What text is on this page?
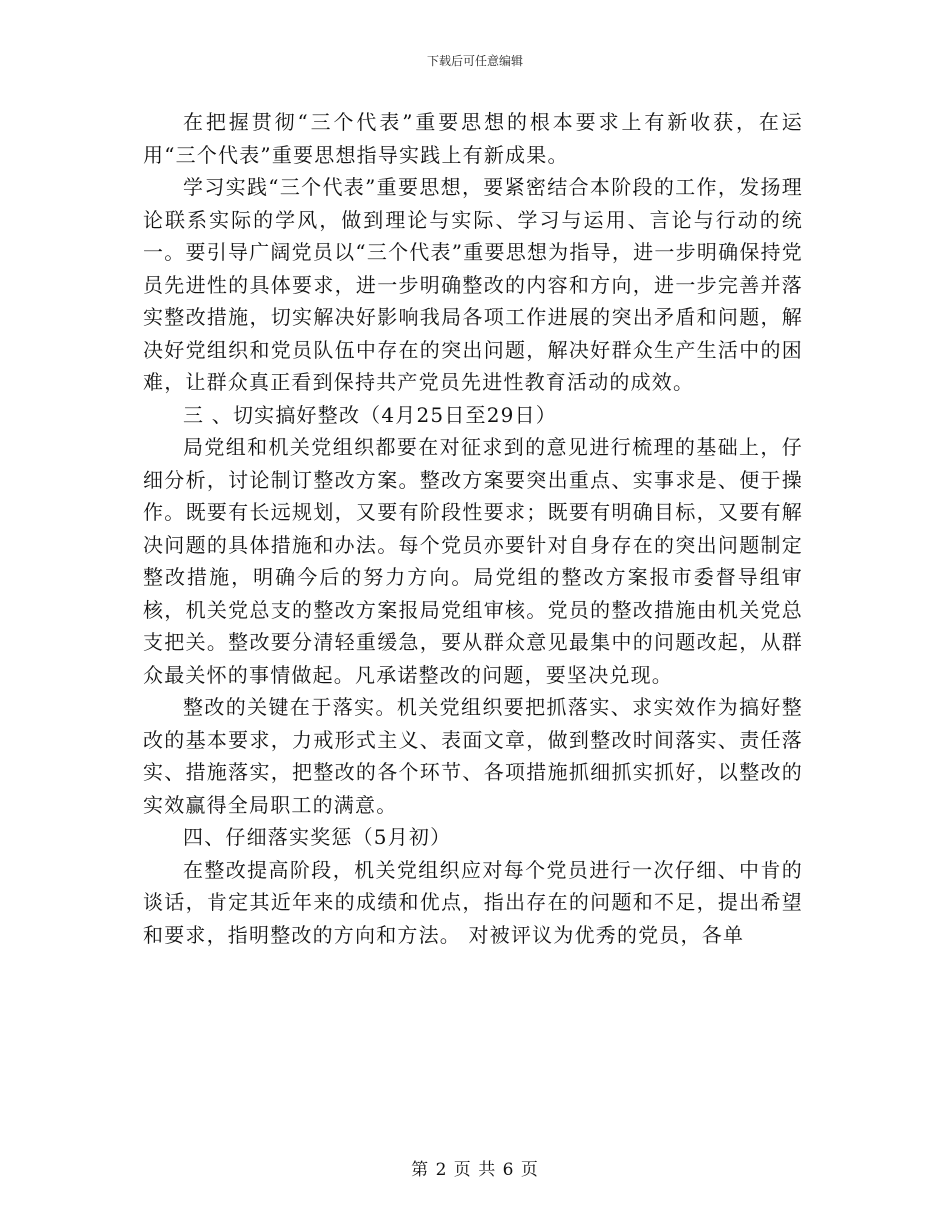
下载后可任意编辑

在把握贯彻“三个代表”重要思想的根本要求上有新收获，在运用“三个代表”重要思想指导实践上有新成果。

学习实践“三个代表”重要思想，要紧密结合本阶段的工作，发扬理论联系实际的学风，做到理论与实际、学习与运用、言论与行动的统一。要引导广阔党员以“三个代表”重要思想为指导，进一步明确保持党员先进性的具体要求，进一步明确整改的内容和方向，进一步完善并落实整改措施，切实解决好影响我局各项工作进展的突出矛盾和问题，解决好党组织和党员队伍中存在的突出问题，解决好群众生产生活中的困难，让群众真正看到保持共产党员先进性教育活动的成效。

三 、切实搞好整改（4月25日至29日）

局党组和机关党组织都要在对征求到的意见进行梳理的基础上，仔细分析，讨论制订整改方案。整改方案要突出重点、实事求是、便于操作。既要有长远规划，又要有阶段性要求；既要有明确目标，又要有解决问题的具体措施和办法。每个党员亦要针对自身存在的突出问题制定整改措施，明确今后的努力方向。局党组的整改方案报市委督导组审核，机关党总支的整改方案报局党组审核。党员的整改措施由机关党总支把关。整改要分清轻重缓急，要从群众意见最集中的问题改起，从群众最关怀的事情做起。凡承诺整改的问题，要坚决兑现。

整改的关键在于落实。机关党组织要把抓落实、求实效作为搞好整改的基本要求，力戒形式主义、表面文章，做到整改时间落实、责任落实、措施落实，把整改的各个环节、各项措施抓细抓实抓好，以整改的实效赢得全局职工的满意。

四、仔细落实奖惩（5月初）

在整改提高阶段，机关党组织应对每个党员进行一次仔细、中肯的谈话，肯定其近年来的成绩和优点，指出存在的问题和不足，提出希望和要求，指明整改的方向和方法。 对被评议为优秀的党员，各单

第 2 页 共 6 页
